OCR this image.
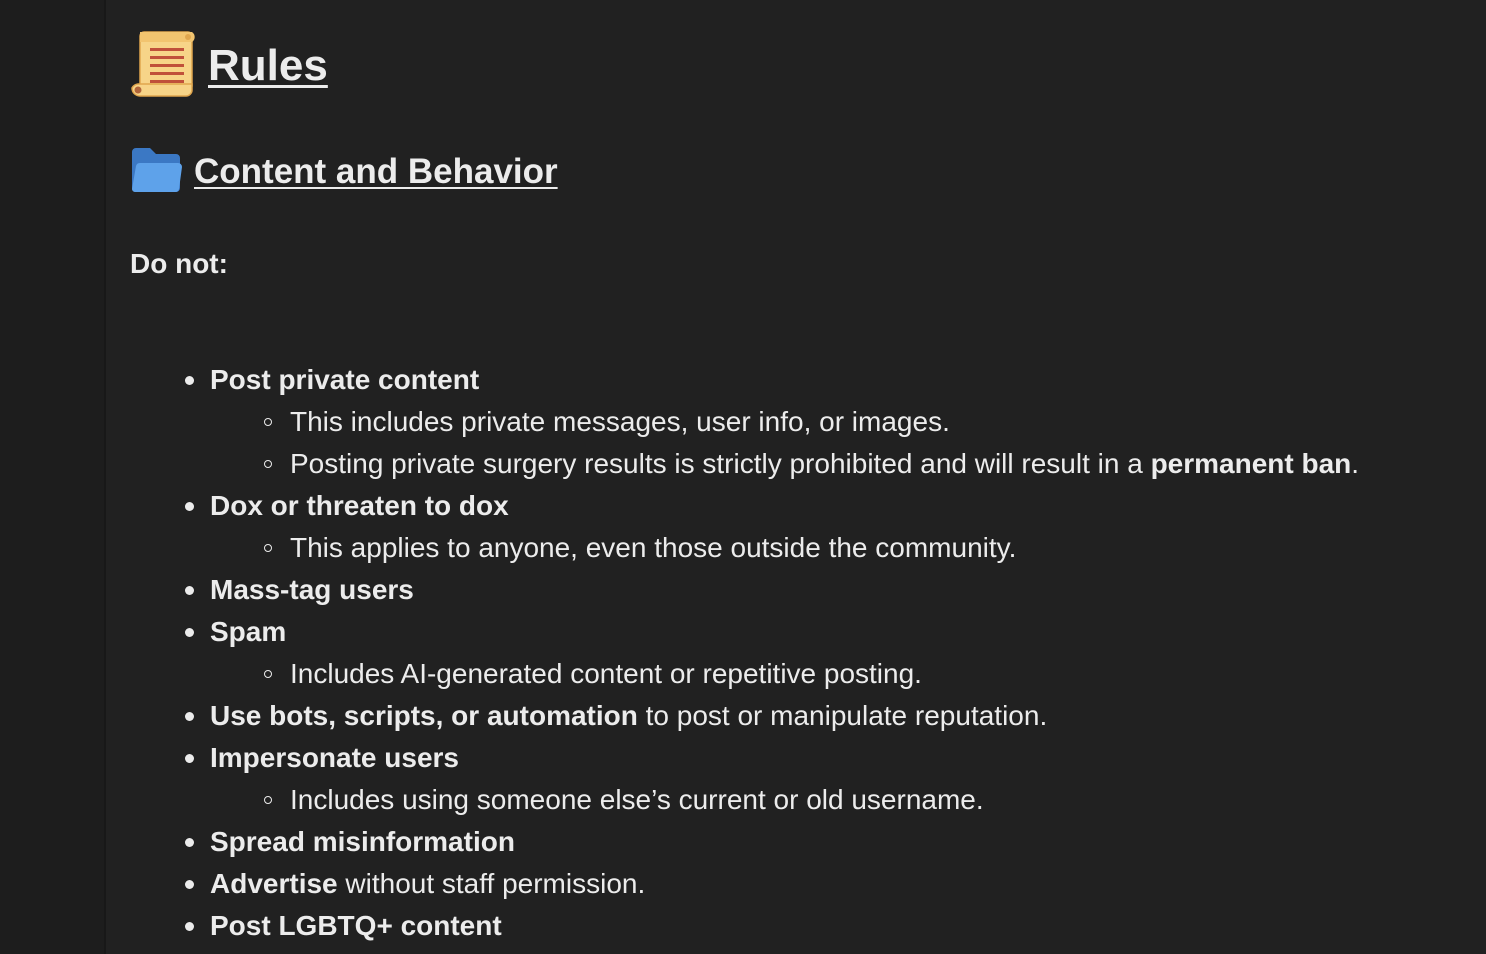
Rules
Content and Behavior
Do not:
Post private content
This includes private messages, user info, or images.
Posting private surgery results is strictly prohibited and will result in a permanent ban.
Dox or threaten to dox
This applies to anyone, even those outside the community.
Mass-tag users
Spam
Includes AI-generated content or repetitive posting.
Use bots, scripts, or automation to post or manipulate reputation.
Impersonate users
Includes using someone else’s current or old username.
Spread misinformation
Advertise without staff permission.
Post LGBTQ+ content
